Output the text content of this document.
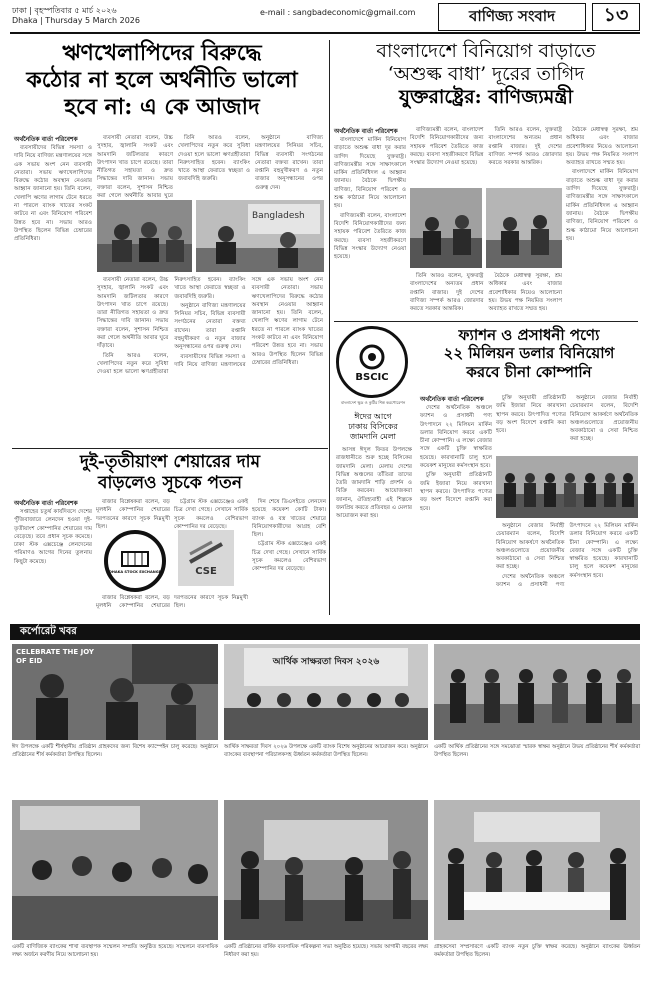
ঢাকা | বৃহস্পতিবার ৫ মার্চ ২০২৬
Dhaka | Thursday 5 March 2026
e-mail : sangbadeconomic@gmail.com	বাণিজ্য সংবাদ	১৩
ঋণখেলাপিদের বিরুদ্ধে
কঠোর না হলে অর্থনীতি ভালো
হবে না: এ কে আজাদ
অর্থনৈতিক বার্তা পরিবেশক

ব্যবসায়ীদের বিভিন্ন সমস্যা ও দাবি নিয়ে বাণিজ্য মন্ত্রণালয়ের সঙ্গে এক সভায় অংশ নেন ব্যবসায়ী নেতারা। সভায় ঋণখেলাপিদের বিরুদ্ধে কঠোর অবস্থান নেওয়ার আহ্বান জানানো হয়। তিনি বলেন, খেলাপি ঋণের লাগাম টেনে ধরতে না পারলে ব্যাংক খাতের সংকট কাটবে না এবং বিনিয়োগ পরিবেশ উন্নত হবে না। সভায় আরও উপস্থিত ছিলেন বিভিন্ন চেম্বারের প্রতিনিধিরা।

ব্যবসায়ী নেতারা বলেন, উচ্চ সুদহার, জ্বালানি সংকট এবং আমদানি জটিলতার কারণে উৎপাদন খাত চাপে রয়েছে। তারা নীতিগত সহায়তা ও দ্রুত সিদ্ধান্তের দাবি জানান। সভায় বক্তারা বলেন, সুশাসন নিশ্চিত করা গেলে অর্থনীতি আবার ঘুরে

তিনি আরও বলেন, খেলাপিদের নতুন করে সুবিধা দেওয়া হলে ভালো ঋণগ্রহীতারা নিরুৎসাহিত হবেন। ব্যাংকিং খাতে আস্থা ফেরাতে স্বচ্ছতা ও জবাবদিহি জরুরি।

অনুষ্ঠানে বাণিজ্য মন্ত্রণালয়ের সিনিয়র সচিব, বিভিন্ন ব্যবসায়ী সংগঠনের নেতারা বক্তব্য রাখেন। তারা রপ্তানি বহুমুখীকরণ ও নতুন বাজার অনুসন্ধানের ওপর গুরুত্ব দেন।

Bangladesh

ব্যবসায়ী নেতারা বলেন, উচ্চ সুদহার, জ্বালানি সংকট এবং আমদানি জটিলতার কারণে উৎপাদন খাত চাপে রয়েছে। তারা নীতিগত সহায়তা ও দ্রুত সিদ্ধান্তের দাবি জানান। সভায় বক্তারা বলেন, সুশাসন নিশ্চিত করা গেলে অর্থনীতি আবার ঘুরে দাঁড়াবে।

তিনি আরও বলেন, খেলাপিদের নতুন করে সুবিধা দেওয়া হলে ভালো ঋণগ্রহীতারা নিরুৎসাহিত হবেন। ব্যাংকিং খাতে আস্থা ফেরাতে স্বচ্ছতা ও জবাবদিহি জরুরি।

অনুষ্ঠানে বাণিজ্য মন্ত্রণালয়ের সিনিয়র সচিব, বিভিন্ন ব্যবসায়ী সংগঠনের নেতারা বক্তব্য রাখেন। তারা রপ্তানি বহুমুখীকরণ ও নতুন বাজার অনুসন্ধানের ওপর গুরুত্ব দেন।

ব্যবসায়ীদের বিভিন্ন সমস্যা ও দাবি নিয়ে বাণিজ্য মন্ত্রণালয়ের সঙ্গে এক সভায় অংশ নেন ব্যবসায়ী নেতারা। সভায় ঋণখেলাপিদের বিরুদ্ধে কঠোর অবস্থান নেওয়ার আহ্বান জানানো হয়। তিনি বলেন, খেলাপি ঋণের লাগাম টেনে ধরতে না পারলে ব্যাংক খাতের সংকট কাটবে না এবং বিনিয়োগ পরিবেশ উন্নত হবে না। সভায় আরও উপস্থিত ছিলেন বিভিন্ন চেম্বারের প্রতিনিধিরা।

বাংলাদেশে বিনিয়োগ বাড়াতে
‘অশুল্ক বাধা’ দূরের তাগিদ
যুক্তরাষ্ট্রের: বাণিজ্যমন্ত্রী
অর্থনৈতিক বার্তা পরিবেশক

বাংলাদেশে মার্কিন বিনিয়োগ বাড়াতে অশুল্ক বাধা দূর করার তাগিদ দিয়েছে যুক্তরাষ্ট্র। বাণিজ্যমন্ত্রীর সঙ্গে সাক্ষাৎকালে মার্কিন প্রতিনিধিদল এ আহ্বান জানায়। বৈঠকে দ্বিপক্ষীয় বাণিজ্য, বিনিয়োগ পরিবেশ ও শুল্ক কাঠামো নিয়ে আলোচনা হয়।

বাণিজ্যমন্ত্রী বলেন, বাংলাদেশ বিদেশি বিনিয়োগকারীদের জন্য সহায়ক পরিবেশ তৈরিতে কাজ করছে। ব্যবসা সহজীকরণে বিভিন্ন সংস্কার উদ্যোগ নেওয়া হয়েছে।

বাণিজ্যমন্ত্রী বলেন, বাংলাদেশ বিদেশি বিনিয়োগকারীদের জন্য সহায়ক পরিবেশ তৈরিতে কাজ করছে। ব্যবসা সহজীকরণে বিভিন্ন সংস্কার উদ্যোগ নেওয়া হয়েছে।

তিনি আরও বলেন, যুক্তরাষ্ট্র বাংলাদেশের অন্যতম প্রধান রপ্তানি বাজার। দুই দেশের বাণিজ্য সম্পর্ক আরও জোরদার করতে সরকার আন্তরিক।

বৈঠকে মেধাস্বত্ব সুরক্ষা, শ্রম অধিকার এবং বাজার প্রবেশাধিকার নিয়েও আলোচনা হয়। উভয় পক্ষ নিয়মিত সংলাপ অব্যাহত রাখতে সম্মত হয়।

বাংলাদেশে মার্কিন বিনিয়োগ বাড়াতে অশুল্ক বাধা দূর করার তাগিদ দিয়েছে যুক্তরাষ্ট্র। বাণিজ্যমন্ত্রীর সঙ্গে সাক্ষাৎকালে মার্কিন প্রতিনিধিদল এ আহ্বান জানায়। বৈঠকে দ্বিপক্ষীয় বাণিজ্য, বিনিয়োগ পরিবেশ ও শুল্ক কাঠামো নিয়ে আলোচনা হয়।

তিনি আরও বলেন, যুক্তরাষ্ট্র বাংলাদেশের অন্যতম প্রধান রপ্তানি বাজার। দুই দেশের বাণিজ্য সম্পর্ক আরও জোরদার করতে সরকার আন্তরিক।

বৈঠকে মেধাস্বত্ব সুরক্ষা, শ্রম অধিকার এবং বাজার প্রবেশাধিকার নিয়েও আলোচনা হয়। উভয় পক্ষ নিয়মিত সংলাপ অব্যাহত রাখতে সম্মত হয়।

ফ্যাশন ও প্রসাধনী পণ্যে
২২ মিলিয়ন ডলার বিনিয়োগ
করবে চীনা কোম্পানি
অর্থনৈতিক বার্তা পরিবেশক

দেশের অর্থনৈতিক অঞ্চলে ফ্যাশন ও প্রসাধনী পণ্য উৎপাদনে ২২ মিলিয়ন মার্কিন ডলার বিনিয়োগ করবে একটি চীনা কোম্পানি। এ লক্ষ্যে বেজার সঙ্গে একটি চুক্তি স্বাক্ষরিত হয়েছে। কারখানাটি চালু হলে কয়েকশ মানুষের কর্মসংস্থান হবে।

চুক্তি অনুযায়ী প্রতিষ্ঠানটি জমি ইজারা নিয়ে কারখানা স্থাপন করবে। উৎপাদিত পণ্যের বড় অংশ বিদেশে রপ্তানি করা হবে।

চুক্তি অনুযায়ী প্রতিষ্ঠানটি জমি ইজারা নিয়ে কারখানা স্থাপন করবে। উৎপাদিত পণ্যের বড় অংশ বিদেশে রপ্তানি করা হবে।

অনুষ্ঠানে বেজার নির্বাহী চেয়ারম্যান বলেন, বিদেশি বিনিয়োগ আকর্ষণে অর্থনৈতিক অঞ্চলগুলোতে প্রয়োজনীয় অবকাঠামো ও সেবা নিশ্চিত করা হচ্ছে।

অনুষ্ঠানে বেজার নির্বাহী চেয়ারম্যান বলেন, বিদেশি বিনিয়োগ আকর্ষণে অর্থনৈতিক অঞ্চলগুলোতে প্রয়োজনীয় অবকাঠামো ও সেবা নিশ্চিত করা হচ্ছে।

দেশের অর্থনৈতিক অঞ্চলে ফ্যাশন ও প্রসাধনী পণ্য উৎপাদনে ২২ মিলিয়ন মার্কিন ডলার বিনিয়োগ করবে একটি চীনা কোম্পানি। এ লক্ষ্যে বেজার সঙ্গে একটি চুক্তি স্বাক্ষরিত হয়েছে। কারখানাটি চালু হলে কয়েকশ মানুষের কর্মসংস্থান হবে।

BSCIC
বাংলাদেশ ক্ষুদ্র ও কুটির শিল্প করপোরেশন
ঈদের আগে
ঢাকায় বিসিকের
জামদানি মেলা

আসন্ন ঈদুল ফিতর উপলক্ষে রাজধানীতে শুরু হচ্ছে বিসিকের জামদানি মেলা। মেলায় দেশের বিভিন্ন অঞ্চলের তাঁতিরা তাদের তৈরি জামদানি শাড়ি প্রদর্শন ও বিক্রি করবেন। আয়োজকরা জানান, ঐতিহ্যবাহী এই শিল্পকে জনপ্রিয় করতে প্রতিবছর এ মেলার আয়োজন করা হয়।

দুই-তৃতীয়াংশ শেয়ারের দাম
বাড়লেও সূচকে পতন
অর্থনৈতিক বার্তা পরিবেশক

সপ্তাহের চতুর্থ কার্যদিবসে দেশের পুঁজিবাজারে লেনদেন হওয়া দুই-তৃতীয়াংশ কোম্পানির শেয়ারের দাম বেড়েছে। তবে প্রধান সূচক কমেছে। ঢাকা স্টক এক্সচেঞ্জে লেনদেনের পরিমাণও আগের দিনের তুলনায় কিছুটা কমেছে।

বাজার বিশ্লেষকরা বলেন, বড় মূলধনি কোম্পানির শেয়ারের দরপতনের কারণে সূচক নিম্নমুখী ছিল।

চট্টগ্রাম স্টক এক্সচেঞ্জেও একই চিত্র দেখা গেছে। সেখানে সার্বিক সূচক কমলেও বেশিরভাগ কোম্পানির দর বেড়েছে।

দিন শেষে ডিএসইতে লেনদেন হয়েছে কয়েকশ কোটি টাকা। ব্যাংক ও বস্ত্র খাতের শেয়ারে বিনিয়োগকারীদের আগ্রহ বেশি ছিল।

চট্টগ্রাম স্টক এক্সচেঞ্জেও একই চিত্র দেখা গেছে। সেখানে সার্বিক সূচক কমলেও বেশিরভাগ কোম্পানির দর বেড়েছে।

DHAKA STOCK EXCHANGE	CSE

বাজার বিশ্লেষকরা বলেন, বড় মূলধনি কোম্পানির শেয়ারের দরপতনের কারণে সূচক নিম্নমুখী ছিল।

কর্পোরেট খবর
CELEBRATE THE JOY OF EID	আর্থিক সাক্ষরতা দিবস ২০২৬
ঈদ উপলক্ষে একটি শীর্ষস্থানীয় প্রতিষ্ঠান গ্রাহকদের জন্য বিশেষ ক্যাম্পেইন চালু করেছে। অনুষ্ঠানে প্রতিষ্ঠানের শীর্ষ কর্মকর্তারা উপস্থিত ছিলেন।
আর্থিক সাক্ষরতা দিবস ২০২৬ উপলক্ষে একটি ব্যাংক বিশেষ অনুষ্ঠানের আয়োজন করে। অনুষ্ঠানে ব্যাংকের ব্যবস্থাপনা পরিচালকসহ ঊর্ধ্বতন কর্মকর্তারা উপস্থিত ছিলেন।
একটি আর্থিক প্রতিষ্ঠানের সঙ্গে সমঝোতা স্মারক স্বাক্ষর অনুষ্ঠানে উভয় প্রতিষ্ঠানের শীর্ষ কর্মকর্তারা উপস্থিত ছিলেন।
একটি বাণিজ্যিক ব্যাংকের শাখা ব্যবস্থাপক সম্মেলন সম্প্রতি অনুষ্ঠিত হয়েছে। সম্মেলনে ব্যবসায়িক লক্ষ্য অর্জনে করণীয় নিয়ে আলোচনা হয়।
একটি প্রতিষ্ঠানের বার্ষিক ব্যবসায়িক পরিকল্পনা সভা অনুষ্ঠিত হয়েছে। সভায় আগামী বছরের লক্ষ্য নির্ধারণ করা হয়।
গ্রাহকসেবা সম্প্রসারণে একটি ব্যাংক নতুন চুক্তি স্বাক্ষর করেছে। অনুষ্ঠানে ব্যাংকের ঊর্ধ্বতন কর্মকর্তারা উপস্থিত ছিলেন।
